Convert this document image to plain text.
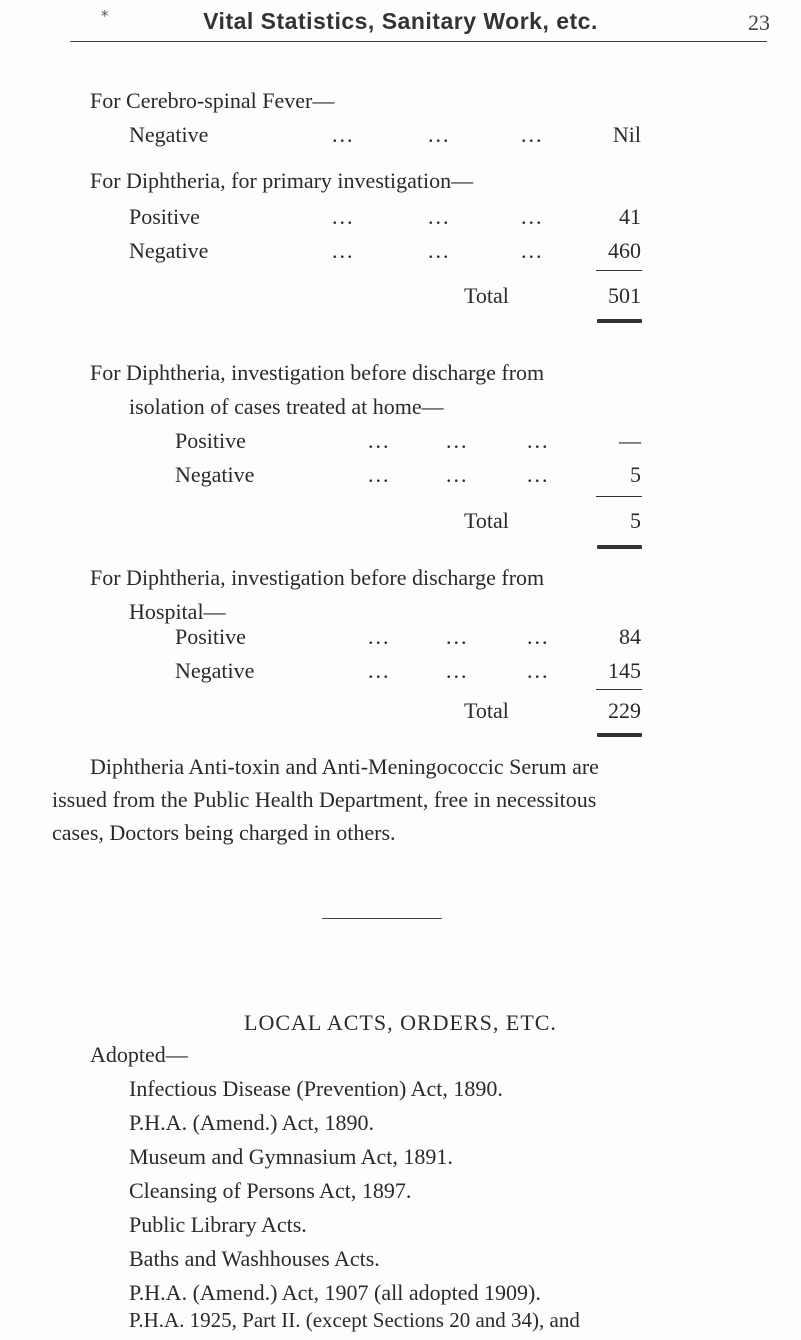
*	Vital Statistics, Sanitary Work, etc.	23
For Cerebro-spinal Fever—
Negative	...	...	...	Nil
For Diphtheria, for primary investigation—
Positive	...	...	...	41
Negative	...	...	...	460
Total	501
For Diphtheria, investigation before discharge from
isolation of cases treated at home—
Positive	...	...	...	—
Negative	...	...	...	5
Total	5
For Diphtheria, investigation before discharge from
Hospital—
Positive	...	...	...	84
Negative	...	...	...	145
Total	229
Diphtheria Anti-toxin and Anti-Meningococcic Serum are
issued from the Public Health Department, free in necessitous
cases, Doctors being charged in others.
LOCAL ACTS, ORDERS, ETC.
Adopted—
Infectious Disease (Prevention) Act, 1890.
P.H.A. (Amend.) Act, 1890.
Museum and Gymnasium Act, 1891.
Cleansing of Persons Act, 1897.
Public Library Acts.
Baths and Washhouses Acts.
P.H.A. (Amend.) Act, 1907 (all adopted 1909).
P.H.A. 1925, Part II. (except Sections 20 and 34), and
